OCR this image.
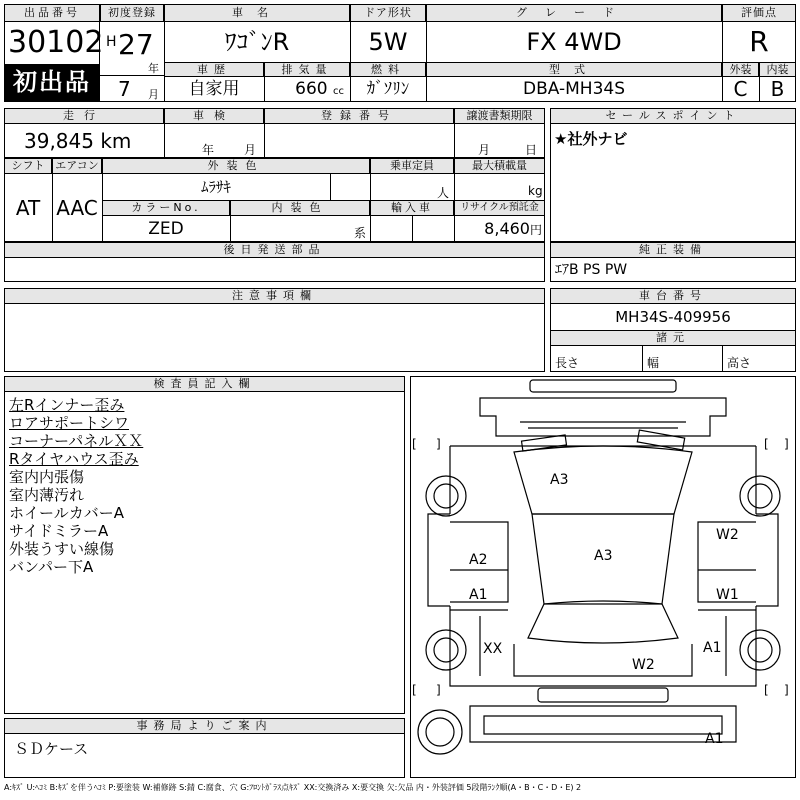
出品番号
30102
初出品
初度登録
H 27
年
7 月
車名
ﾜｺﾞﾝR
ドア形状
5W
グレード
FX 4WD
評価点
R
車歴
自家用
排気量
660 cc
燃料
ｶﾞｿﾘﾝ
型式
DBA-MH34S
外装	内装
C	B
走行
39,845 km
車検
年 月
登録番号	譲渡書類期限
月	日
セールスポイント
★社外ナビ
シフト
AT
エアコン
AAC
外装色
ﾑﾗｻｷ
乗車定員
人
最大積載量
kg
カラーNo.
ZED
内装色
系
輸入車	リサイクル預託金
8,460円
後日発送部品	純正装備
ｴｱB PS PW
注意事項欄	車台番号
MH34S-409956
諸元
長さ	幅	高さ
検査員記入欄
左Rインナー歪み
ロアサポートシワ
コーナーパネルＸＸ
Rタイヤハウス歪み
室内内張傷
室内薄汚れ
ホイールカバーA
サイドミラーA
外装うすい線傷
バンパー下A
事務局よりご案内
ＳＤケース
[ ]	[ ]
[ ]	[ ]
A3
A2
A1
XX
A3
W2
W1
A1
W2
A1
A:ｷｽﾞ U:ﾍｺﾐ B:ｷｽﾞを伴うﾍｺﾐ P:要塗装 W:補修跡 S:錆 C:腐食、穴 G:ﾌﾛﾝﾄｶﾞﾗｽ点ｷｽﾞ XX:交換済み X:要交換 欠:欠品 内・外装評価 5段階ﾗﾝｸ順(A・B・C・D・E) 2
